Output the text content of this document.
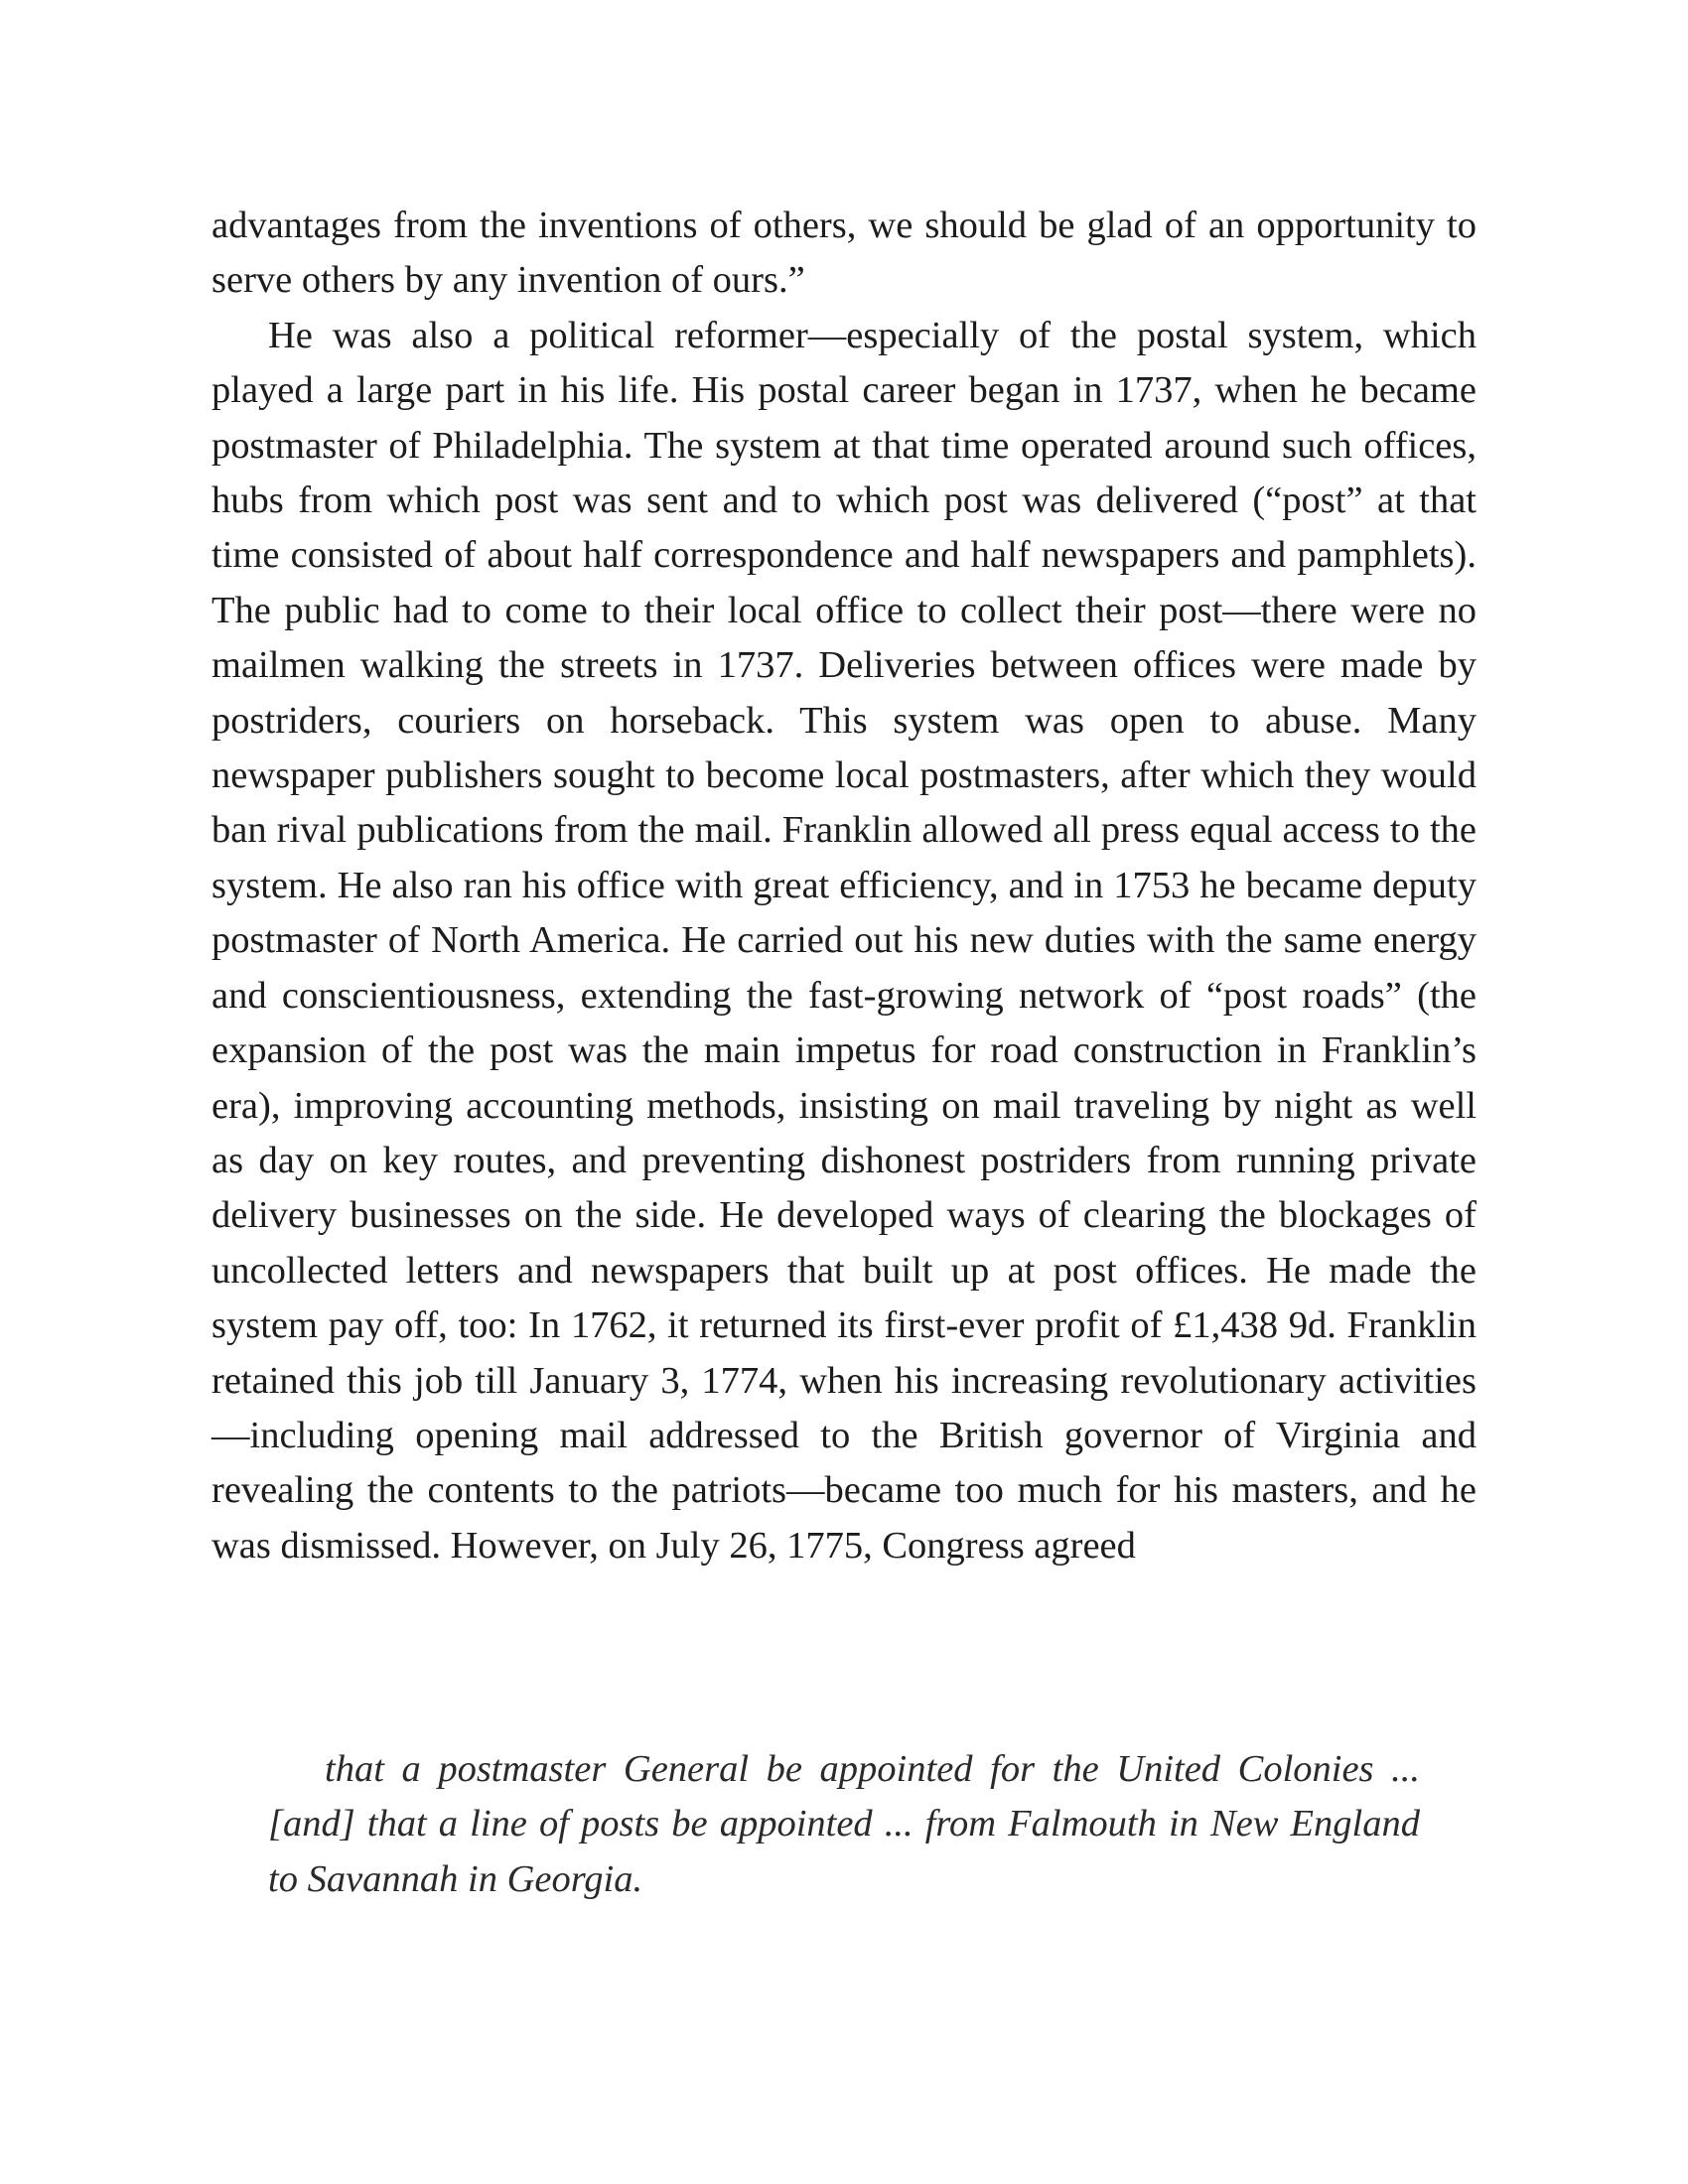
advantages from the inventions of others, we should be glad of an opportunity to serve others by any invention of ours.”

He was also a political reformer—especially of the postal system, which played a large part in his life. His postal career began in 1737, when he became postmaster of Philadelphia. The system at that time operated around such offices, hubs from which post was sent and to which post was delivered (“post” at that time consisted of about half correspondence and half newspapers and pamphlets). The public had to come to their local office to collect their post—there were no mailmen walking the streets in 1737. Deliveries between offices were made by postriders, couriers on horseback. This system was open to abuse. Many newspaper publishers sought to become local postmasters, after which they would ban rival publications from the mail. Franklin allowed all press equal access to the system. He also ran his office with great efficiency, and in 1753 he became deputy postmaster of North America. He carried out his new duties with the same energy and conscientiousness, extending the fast-growing network of “post roads” (the expansion of the post was the main impetus for road construction in Franklin’s era), improving accounting methods, insisting on mail traveling by night as well as day on key routes, and preventing dishonest postriders from running private delivery businesses on the side. He developed ways of clearing the blockages of uncollected letters and newspapers that built up at post offices. He made the system pay off, too: In 1762, it returned its first-ever profit of £1,438 9d. Franklin retained this job till January 3, 1774, when his increasing revolutionary activities—including opening mail addressed to the British governor of Virginia and revealing the contents to the patriots—became too much for his masters, and he was dismissed. However, on July 26, 1775, Congress agreed

that a postmaster General be appointed for the United Colonies ... [and] that a line of posts be appointed ... from Falmouth in New England to Savannah in Georgia.
